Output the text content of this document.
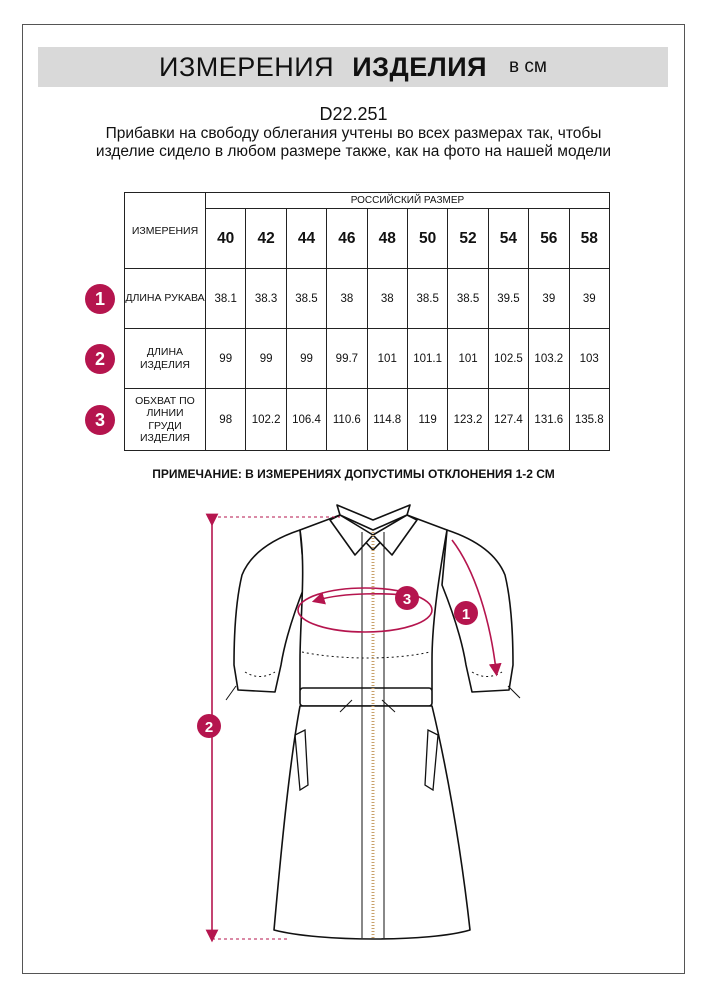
ИЗМЕРЕНИЯ ИЗДЕЛИЯ в см
D22.251
Прибавки на свободу облегания учтены во всех размерах так, чтобы изделие сидело в любом размере также, как на фото на нашей модели
ИЗМЕРЕНИЯ	РОССИЙСКИЙ РАЗМЕР									
	40	42	44	46	48	50	52	54	56	58
ДЛИНА РУКАВА	38.1	38.3	38.5	38	38	38.5	38.5	39.5	39	39
ДЛИНА ИЗДЕЛИЯ	99	99	99	99.7	101	101.1	101	102.5	103.2	103
ОБХВАТ ПО ЛИНИИ ГРУДИ ИЗДЕЛИЯ	98	102.2	106.4	110.6	114.8	119	123.2	127.4	131.6	135.8
1
2
3
ПРИМЕЧАНИЕ: В ИЗМЕРЕНИЯХ ДОПУСТИМЫ ОТКЛОНЕНИЯ 1-2 СМ
2
3
1
